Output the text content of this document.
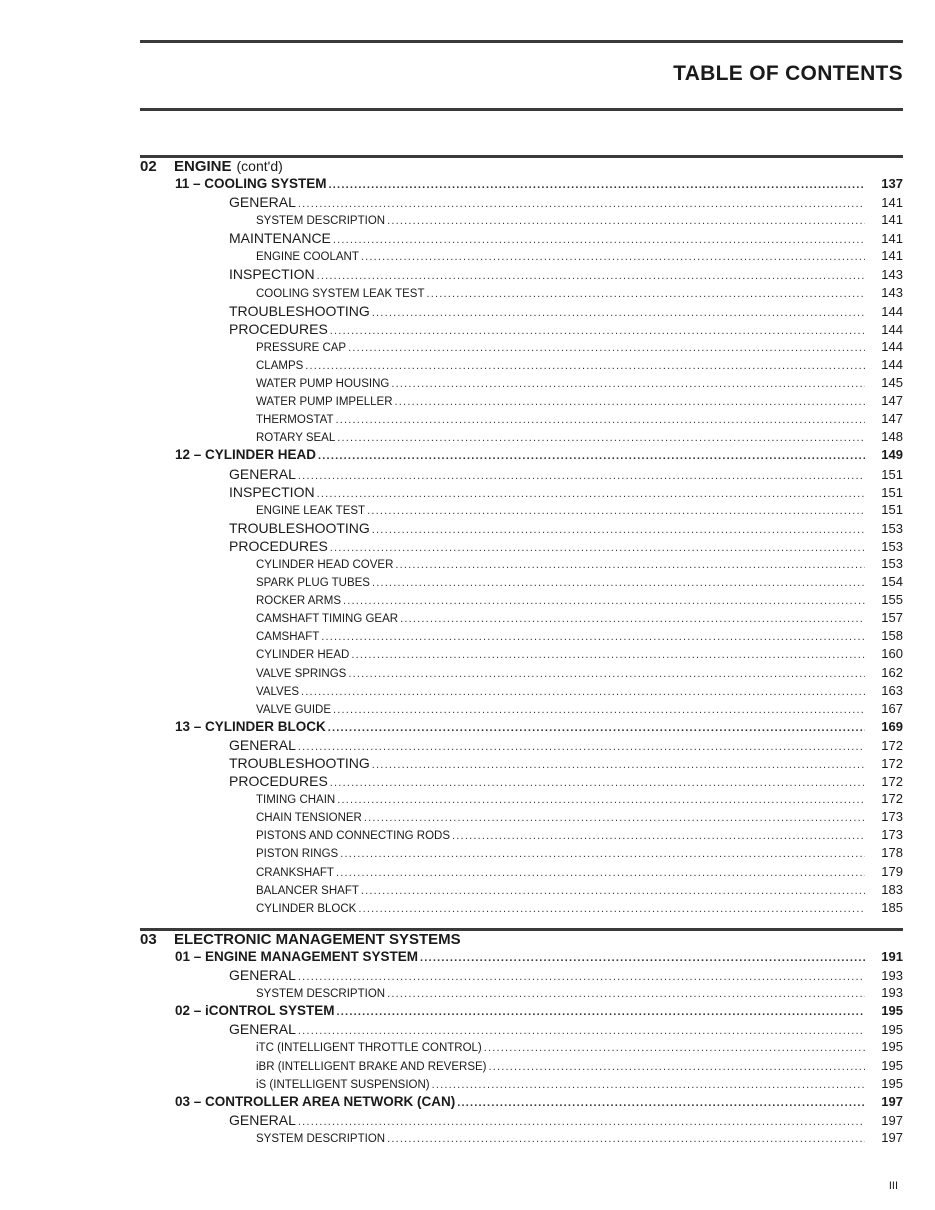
TABLE OF CONTENTS
02	ENGINE (cont'd)
11 – COOLING SYSTEM .....	137
GENERAL .....	141
SYSTEM DESCRIPTION .....	141
MAINTENANCE .....	141
ENGINE COOLANT .....	141
INSPECTION .....	143
COOLING SYSTEM LEAK TEST .....	143
TROUBLESHOOTING .....	144
PROCEDURES .....	144
PRESSURE CAP .....	144
CLAMPS .....	144
WATER PUMP HOUSING .....	145
WATER PUMP IMPELLER .....	147
THERMOSTAT .....	147
ROTARY SEAL .....	148
12 – CYLINDER HEAD .....	149
GENERAL .....	151
INSPECTION .....	151
ENGINE LEAK TEST .....	151
TROUBLESHOOTING .....	153
PROCEDURES .....	153
CYLINDER HEAD COVER .....	153
SPARK PLUG TUBES .....	154
ROCKER ARMS .....	155
CAMSHAFT TIMING GEAR .....	157
CAMSHAFT .....	158
CYLINDER HEAD .....	160
VALVE SPRINGS .....	162
VALVES .....	163
VALVE GUIDE .....	167
13 – CYLINDER BLOCK .....	169
GENERAL .....	172
TROUBLESHOOTING .....	172
PROCEDURES .....	172
TIMING CHAIN .....	172
CHAIN TENSIONER .....	173
PISTONS AND CONNECTING RODS .....	173
PISTON RINGS .....	178
CRANKSHAFT .....	179
BALANCER SHAFT .....	183
CYLINDER BLOCK .....	185
03	ELECTRONIC MANAGEMENT SYSTEMS
01 – ENGINE MANAGEMENT SYSTEM .....	191
GENERAL .....	193
SYSTEM DESCRIPTION .....	193
02 – iCONTROL SYSTEM .....	195
GENERAL .....	195
iTC (INTELLIGENT THROTTLE CONTROL) .....	195
iBR (INTELLIGENT BRAKE AND REVERSE) .....	195
iS (INTELLIGENT SUSPENSION) .....	195
03 – CONTROLLER AREA NETWORK (CAN) .....	197
GENERAL .....	197
SYSTEM DESCRIPTION .....	197

III
